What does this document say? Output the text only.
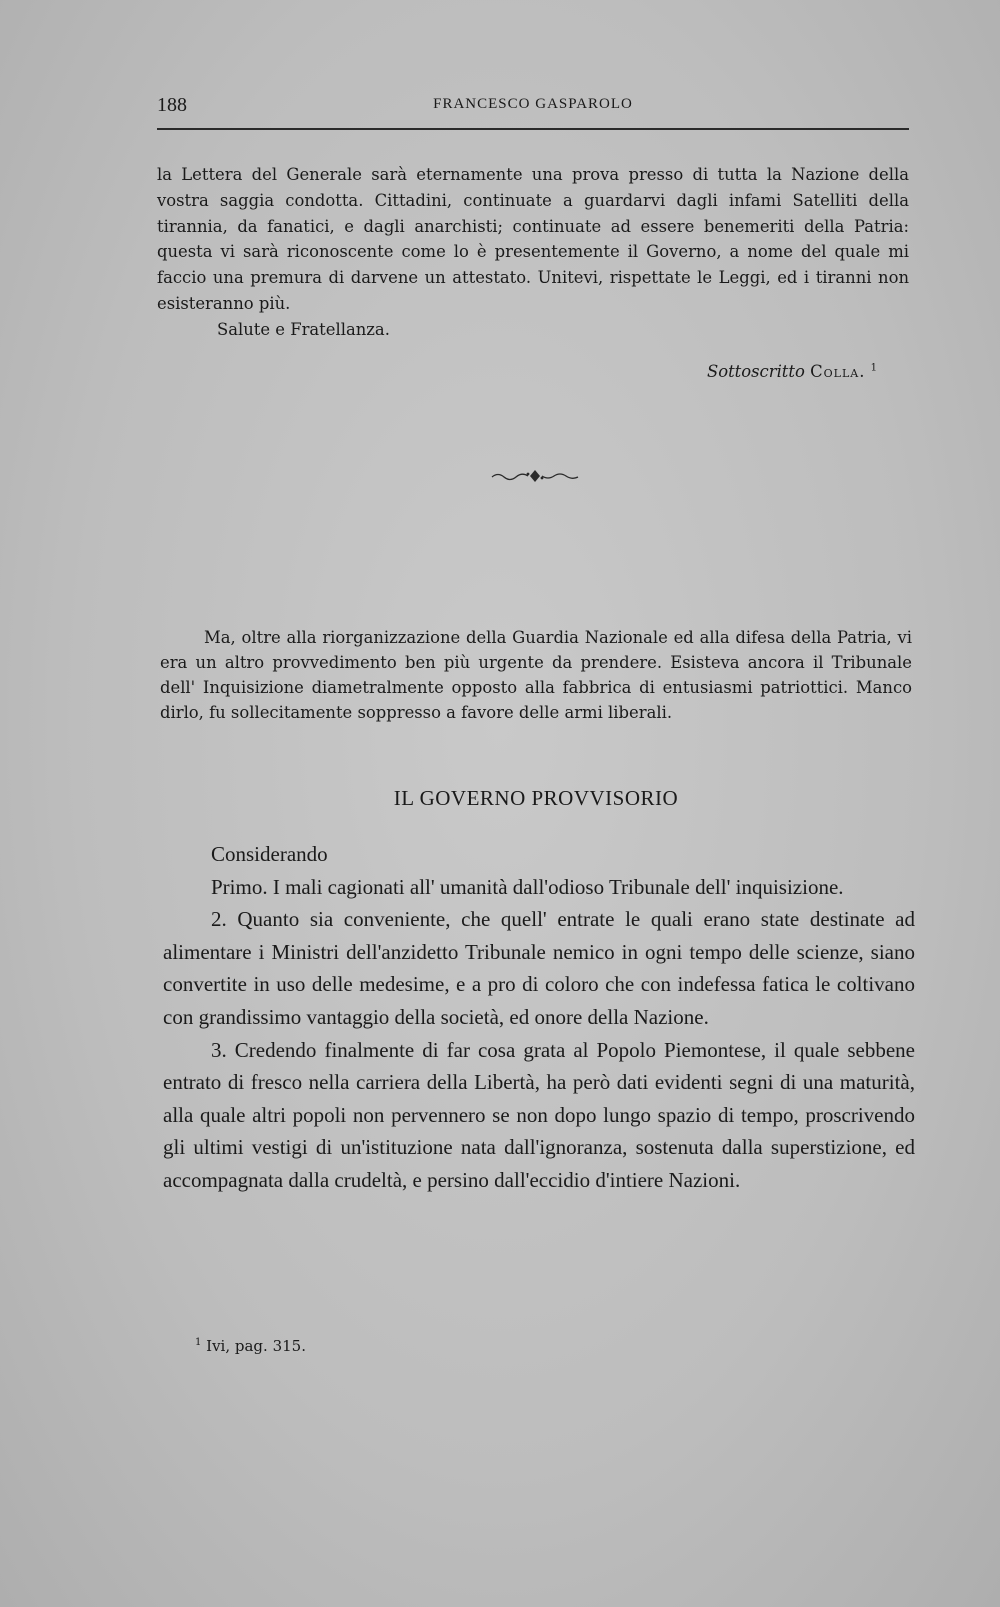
188	FRANCESCO GASPAROLO

la Lettera del Generale sarà eternamente una prova presso di tutta la Nazione della vostra saggia condotta. Cittadini, continuate a guardarvi dagli infami Satelliti della tirannia, da fanatici, e dagli anarchisti; continuate ad essere benemeriti della Patria: questa vi sarà riconoscente come lo è presentemente il Governo, a nome del quale mi faccio una premura di darvene un attestato. Unitevi, rispettate le Leggi, ed i tiranni non esisteranno più.

Salute e Fratellanza.

Sottoscritto Colla. $^1$

Ma, oltre alla riorganizzazione della Guardia Nazionale ed alla difesa della Patria, vi era un altro provvedimento ben più urgente da prendere. Esisteva ancora il Tribunale dell' Inquisizione diametralmente opposto alla fabbrica di entusiasmi patriottici. Manco dirlo, fu sollecitamente soppresso a favore delle armi liberali.

IL GOVERNO PROVVISORIO

Considerando

Primo. I mali cagionati all' umanità dall'odioso Tribunale dell' inquisizione.

2. Quanto sia conveniente, che quell' entrate le quali erano state destinate ad alimentare i Ministri dell'anzidetto Tribunale nemico in ogni tempo delle scienze, siano convertite in uso delle medesime, e a pro di coloro che con indefessa fatica le coltivano con grandissimo vantaggio della società, ed onore della Nazione.

3. Credendo finalmente di far cosa grata al Popolo Piemontese, il quale sebbene entrato di fresco nella carriera della Libertà, ha però dati evidenti segni di una maturità, alla quale altri popoli non pervennero se non dopo lungo spazio di tempo, proscrivendo gli ultimi vestigi di un'istituzione nata dall'ignoranza, sostenuta dalla superstizione, ed accompagnata dalla crudeltà, e persino dall'eccidio d'intiere Nazioni.

$^1$ Ivi, pag. 315.
